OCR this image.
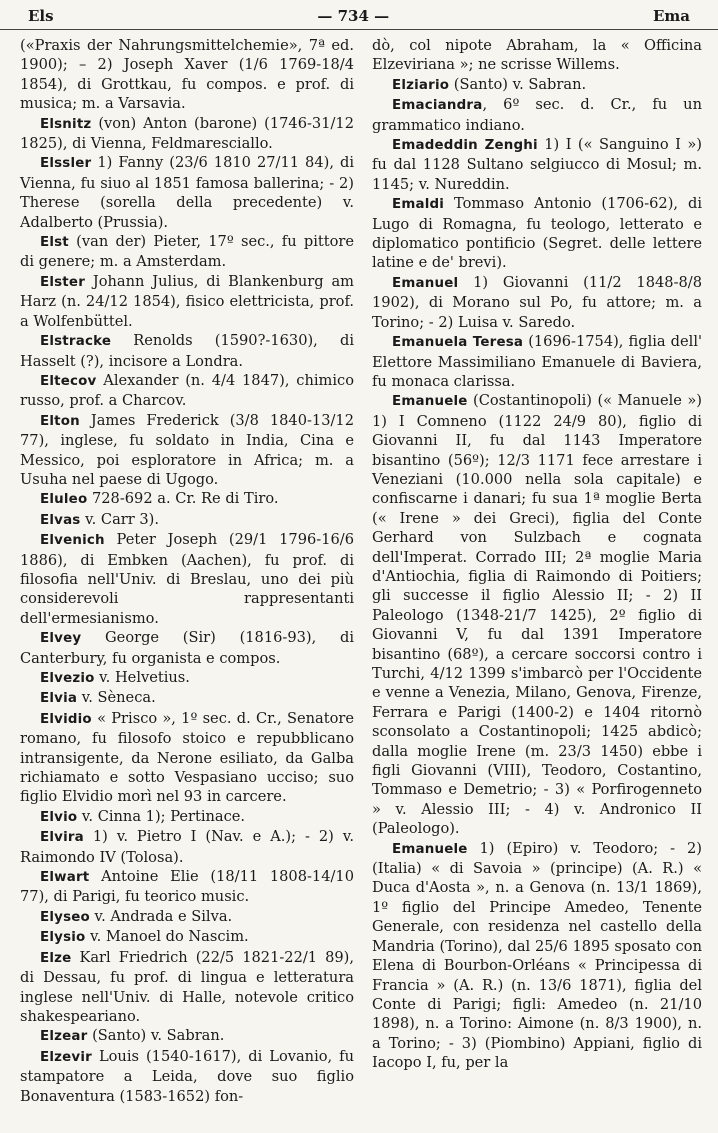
Els	— 734 —	Ema

(«Praxis der Nahrungsmittelchemie», 7ª ed. 1900); – 2) Joseph Xaver (1/6 1769-18/4 1854), di Grottkau, fu compos. e prof. di musica; m. a Varsavia.

Elsnitz (von) Anton (barone) (1746-31/12 1825), di Vienna, Feldmaresciallo.

Elssler 1) Fanny (23/6 1810 27/11 84), di Vienna, fu siuo al 1851 famosa ballerina; - 2) Therese (sorella della precedente) v. Adalberto (Prussia).

Elst (van der) Pieter, 17º sec., fu pittore di genere; m. a Amsterdam.

Elster Johann Julius, di Blankenburg am Harz (n. 24/12 1854), fisico elettricista, prof. a Wolfenbüttel.

Elstracke Renolds (1590?-1630), di Hasselt (?), incisore a Londra.

Eltecov Alexander (n. 4/4 1847), chimico russo, prof. a Charcov.

Elton James Frederick (3/8 1840-13/12 77), inglese, fu soldato in India, Cina e Messico, poi esploratore in Africa; m. a Usuha nel paese di Ugogo.

Eluleo 728-692 a. Cr. Re di Tiro.

Elvas v. Carr 3).

Elvenich Peter Joseph (29/1 1796-16/6 1886), di Embken (Aachen), fu prof. di filosofia nell'Univ. di Breslau, uno dei più considerevoli rappresentanti dell'ermesianismo.

Elvey George (Sir) (1816-93), di Canterbury, fu organista e compos.

Elvezio v. Helvetius.

Elvia v. Sèneca.

Elvidio « Prisco », 1º sec. d. Cr., Senatore romano, fu filosofo stoico e repubblicano intransigente, da Nerone esiliato, da Galba richiamato e sotto Vespasiano ucciso; suo figlio Elvidio morì nel 93 in carcere.

Elvio v. Cinna 1); Pertinace.

Elvira 1) v. Pietro I (Nav. e A.); - 2) v. Raimondo IV (Tolosa).

Elwart Antoine Elie (18/11 1808-14/10 77), di Parigi, fu teorico music.

Elyseo v. Andrada e Silva.

Elysio v. Manoel do Nascim.

Elze Karl Friedrich (22/5 1821-22/1 89), di Dessau, fu prof. di lingua e letteratura inglese nell'Univ. di Halle, notevole critico shakespeariano.

Elzear (Santo) v. Sabran.

Elzevir Louis (1540-1617), di Lovanio, fu stampatore a Leida, dove suo figlio Bonaventura (1583-1652) fon-

dò, col nipote Abraham, la « Officina Elzeviriana »; ne scrisse Willems.

Elziario (Santo) v. Sabran.

Emaciandra, 6º sec. d. Cr., fu un grammatico indiano.

Emadeddin Zenghi 1) I (« Sanguino I ») fu dal 1128 Sultano selgiucco di Mosul; m. 1145; v. Nureddin.

Emaldi Tommaso Antonio (1706-62), di Lugo di Romagna, fu teologo, letterato e diplomatico pontificio (Segret. delle lettere latine e de' brevi).

Emanuel 1) Giovanni (11/2 1848-8/8 1902), di Morano sul Po, fu attore; m. a Torino; - 2) Luisa v. Saredo.

Emanuela Teresa (1696-1754), figlia dell' Elettore Massimiliano Emanuele di Baviera, fu monaca clarissa.

Emanuele (Costantinopoli) (« Manuele ») 1) I Comneno (1122 24/9 80), figlio di Giovanni II, fu dal 1143 Imperatore bisantino (56º); 12/3 1171 fece arrestare i Veneziani (10.000 nella sola capitale) e confiscarne i danari; fu sua 1ª moglie Berta (« Irene » dei Greci), figlia del Conte Gerhard von Sulzbach e cognata dell'Imperat. Corrado III; 2ª moglie Maria d'Antiochia, figlia di Raimondo di Poitiers; gli successe il figlio Alessio II; - 2) II Paleologo (1348-21/7 1425), 2º figlio di Giovanni V, fu dal 1391 Imperatore bisantino (68º), a cercare soccorsi contro i Turchi, 4/12 1399 s'imbarcò per l'Occidente e venne a Venezia, Milano, Genova, Firenze, Ferrara e Parigi (1400-2) e 1404 ritornò sconsolato a Costantinopoli; 1425 abdicò; dalla moglie Irene (m. 23/3 1450) ebbe i figli Giovanni (VIII), Teodoro, Costantino, Tommaso e Demetrio; - 3) « Porfirogenneto » v. Alessio III; - 4) v. Andronico II (Paleologo).

Emanuele 1) (Epiro) v. Teodoro; - 2) (Italia) « di Savoia » (principe) (A. R.) « Duca d'Aosta », n. a Genova (n. 13/1 1869), 1º figlio del Principe Amedeo, Tenente Generale, con residenza nel castello della Mandria (Torino), dal 25/6 1895 sposato con Elena di Bourbon-Orléans « Principessa di Francia » (A. R.) (n. 13/6 1871), figlia del Conte di Parigi; figli: Amedeo (n. 21/10 1898), n. a Torino: Aimone (n. 8/3 1900), n. a Torino; - 3) (Piombino) Appiani, figlio di Iacopo I, fu, per la
